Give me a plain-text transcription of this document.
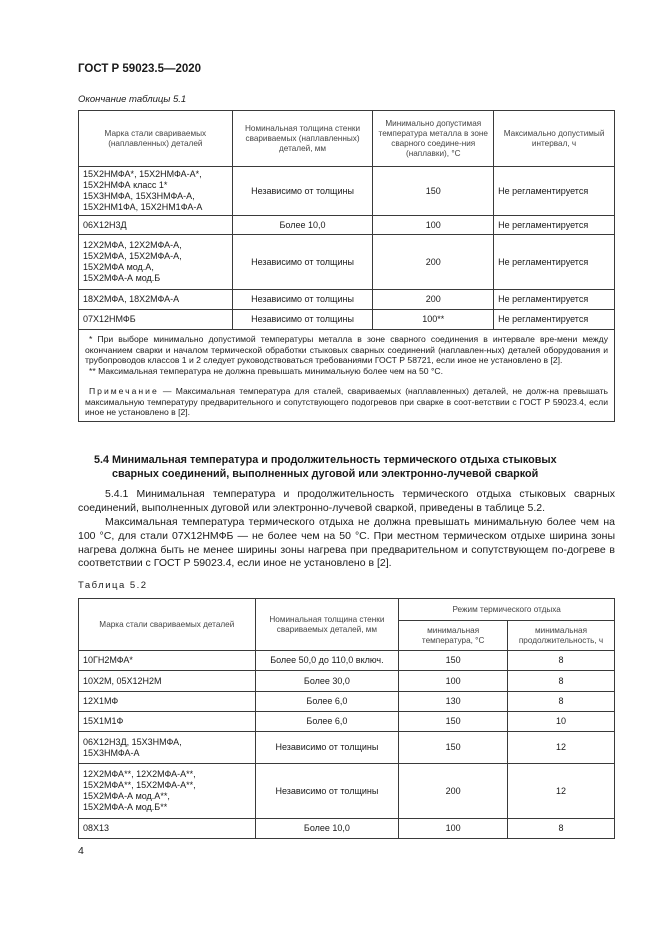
ГОСТ Р 59023.5—2020
Окончание таблицы 5.1
Марка стали свариваемых (наплавленных) деталей	Номинальная толщина стенки свариваемых (наплавленных) деталей, мм	Минимально допустимая температура металла в зоне сварного соедине-ния (наплавки), °С	Максимально допустимый интервал, ч

15Х2НМФА*, 15Х2НМФА-А*,
15Х2НМФА класс 1*
15Х3НМФА, 15Х3НМФА-А,
15Х2НМ1ФА, 15Х2НМ1ФА-А	Независимо от толщины	150	Не регламентируется

06Х12Н3Д	Более 10,0	100	Не регламентируется

12Х2МФА, 12Х2МФА-А,
15Х2МФА, 15Х2МФА-А,
15Х2МФА мод.А,
15Х2МФА-А мод.Б	Независимо от толщины	200	Не регламентируется

18Х2МФА, 18Х2МФА-А	Независимо от толщины	200	Не регламентируется

07Х12НМФБ	Независимо от толщины	100**	Не регламентируется

* При выборе минимально допустимой температуры металла в зоне сварного соединения в интервале вре-мени между окончанием сварки и началом термической обработки стыковых сварных соединений (наплавлен-ных) деталей оборудования и трубопроводов классов 1 и 2 следует руководствоваться требованиями ГОСТ Р 58721, если иное не установлено в [2].

** Максимальная температура не должна превышать минимальную более чем на 50 °С.

Примечание — Максимальная температура для сталей, свариваемых (наплавленных) деталей, не долж-на превышать максимальную температуру предварительного и сопутствующего подогревов при сварке в соот-ветствии с ГОСТ Р 59023.4, если иное не установлено в [2].			

5.4 Минимальная температура и продолжительность термического отдыха стыковых
сварных соединений, выполненных дуговой или электронно-лучевой сваркой
5.4.1 Минимальная температура и продолжительность термического отдыха стыковых сварных соединений, выполненных дуговой или электронно-лучевой сваркой, приведены в таблице 5.2.
Максимальная температура термического отдыха не должна превышать минимальную более чем на 100 °С, для стали 07Х12НМФБ — не более чем на 50 °С. При местном термическом отдыхе ширина зоны нагрева должна быть не менее ширины зоны нагрева при предварительном и сопутствующем по-догреве в соответствии с ГОСТ Р 59023.4, если иное не установлено в [2].
Таблица 5.2
Марка стали свариваемых деталей	Номинальная толщина стенки свариваемых деталей, мм	Режим термического отдыха	
		минимальная температура, °С	минимальная продолжительность, ч

10ГН2МФА*	Более 50,0 до 110,0 включ.	150	8

10Х2М, 05Х12Н2М	Более 30,0	100	8

12Х1МФ	Более 6,0	130	8

15Х1М1Ф	Более 6,0	150	10

06Х12Н3Д, 15Х3НМФА,
15Х3НМФА-А	Независимо от толщины	150	12

12Х2МФА**, 12Х2МФА-А**,
15Х2МФА**, 15Х2МФА-А**,
15Х2МФА-А мод.А**,
15Х2МФА-А мод.Б**	Независимо от толщины	200	12

08Х13	Более 10,0	100	8
4
